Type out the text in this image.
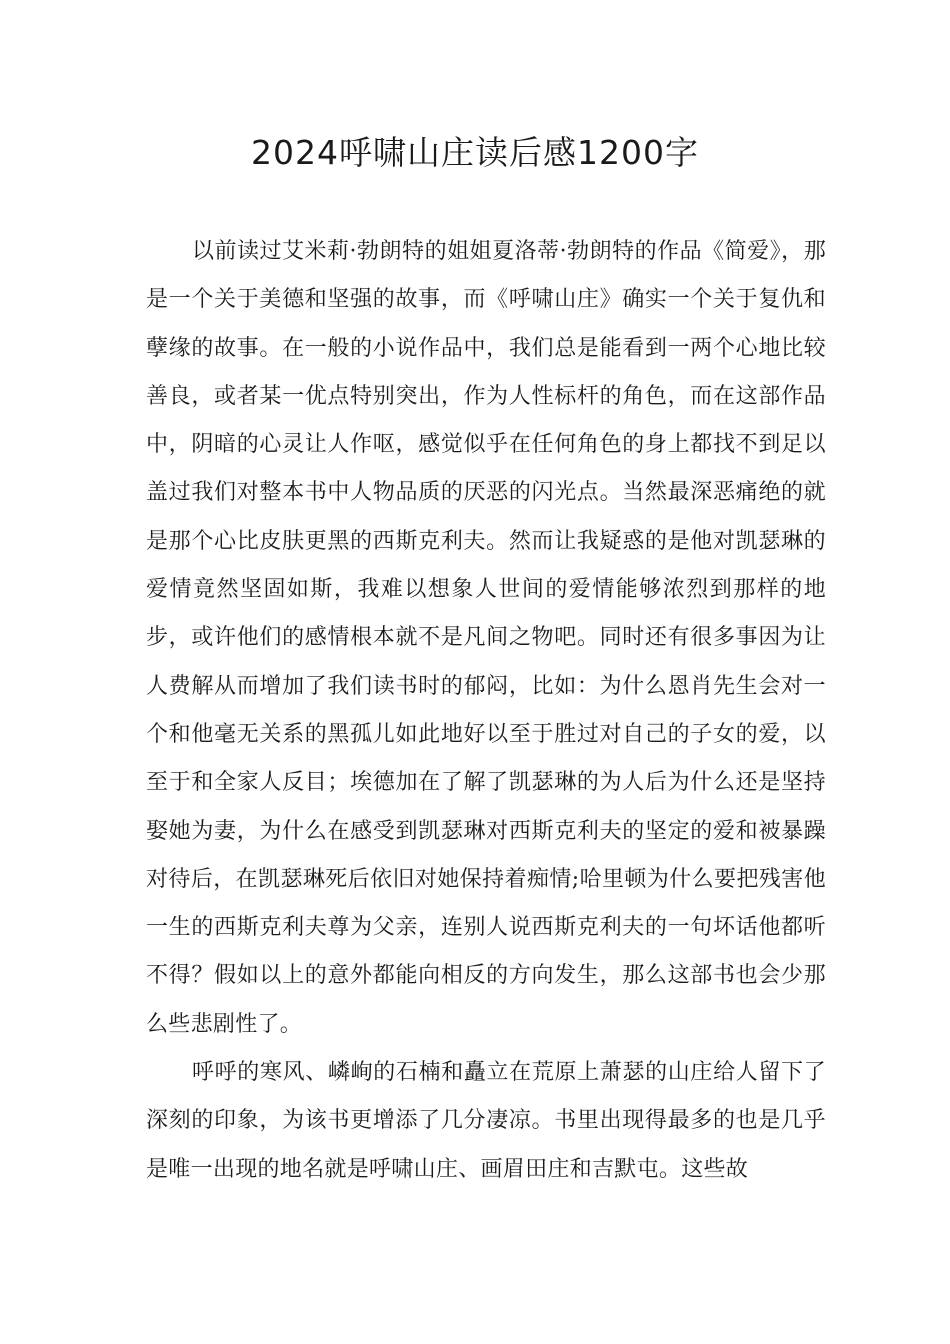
2024呼啸山庄读后感1200字

以前读过艾米莉·勃朗特的姐姐夏洛蒂·勃朗特的作品《简爱》，那是一个关于美德和坚强的故事，而《呼啸山庄》确实一个关于复仇和孽缘的故事。在一般的小说作品中，我们总是能看到一两个心地比较善良，或者某一优点特别突出，作为人性标杆的角色，而在这部作品中，阴暗的心灵让人作呕，感觉似乎在任何角色的身上都找不到足以盖过我们对整本书中人物品质的厌恶的闪光点。当然最深恶痛绝的就是那个心比皮肤更黑的西斯克利夫。然而让我疑惑的是他对凯瑟琳的爱情竟然坚固如斯，我难以想象人世间的爱情能够浓烈到那样的地步，或许他们的感情根本就不是凡间之物吧。同时还有很多事因为让人费解从而增加了我们读书时的郁闷，比如：为什么恩肖先生会对一个和他毫无关系的黑孤儿如此地好以至于胜过对自己的子女的爱，以至于和全家人反目；埃德加在了解了凯瑟琳的为人后为什么还是坚持娶她为妻，为什么在感受到凯瑟琳对西斯克利夫的坚定的爱和被暴躁对待后，在凯瑟琳死后依旧对她保持着痴情;哈里顿为什么要把残害他一生的西斯克利夫尊为父亲，连别人说西斯克利夫的一句坏话他都听不得？假如以上的意外都能向相反的方向发生，那么这部书也会少那么些悲剧性了。

呼呼的寒风、嶙峋的石楠和矗立在荒原上萧瑟的山庄给人留下了深刻的印象，为该书更增添了几分凄凉。书里出现得最多的也是几乎是唯一出现的地名就是呼啸山庄、画眉田庄和吉默屯。这些故
